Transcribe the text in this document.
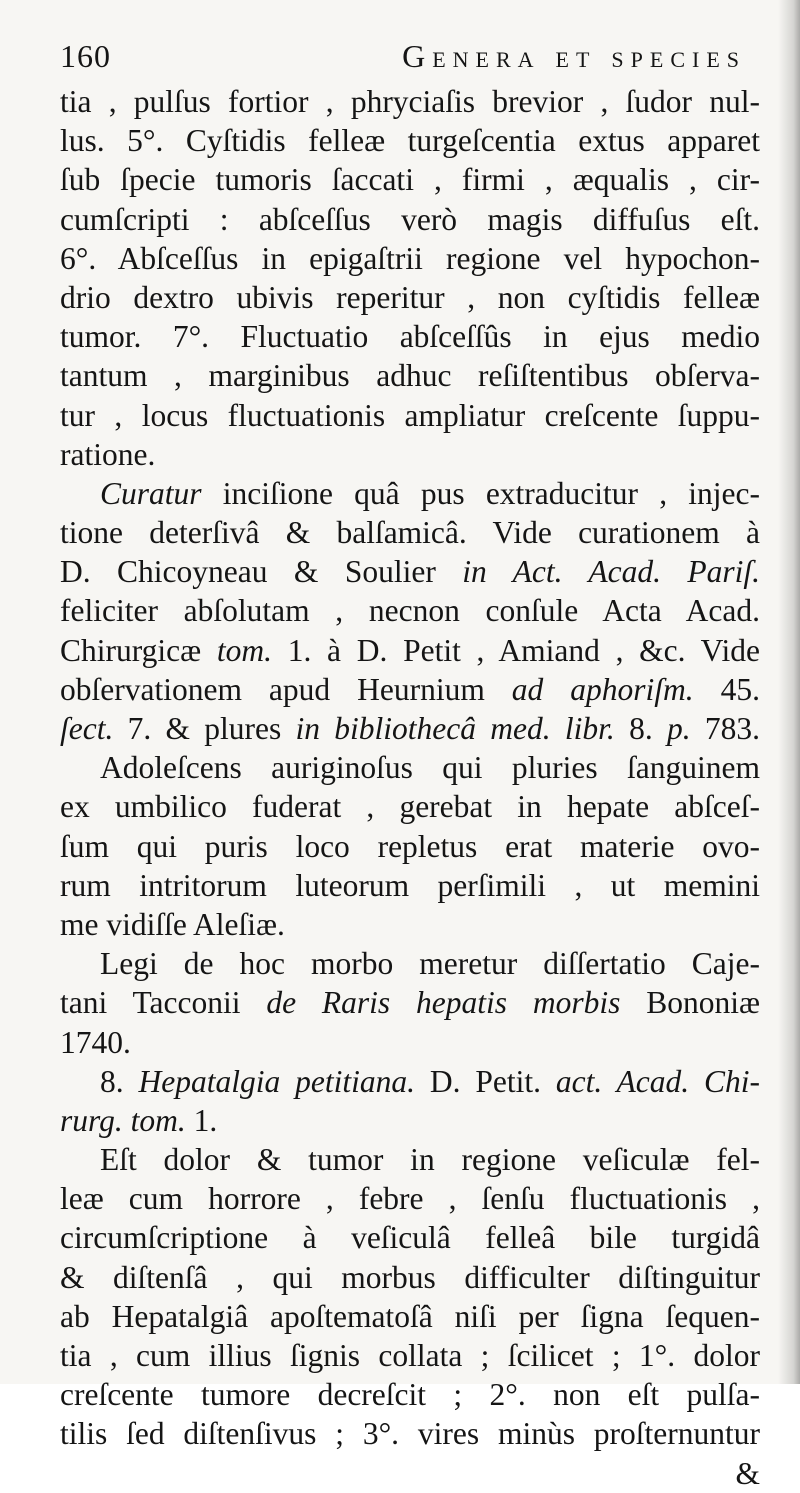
160	Genera et species
tia , pulſus fortior , phryciaſis brevior , ſudor nul-
lus. 5°. Cyſtidis felleæ turgeſcentia extus apparet
ſub ſpecie tumoris ſaccati , firmi , æqualis , cir-
cumſcripti : abſceſſus verò magis diffuſus eſt.
6°. Abſceſſus in epigaſtrii regione vel hypochon-
drio dextro ubivis reperitur , non cyſtidis felleæ
tumor. 7°. Fluctuatio abſceſſûs in ejus medio
tantum , marginibus adhuc reſiſtentibus obſerva-
tur , locus fluctuationis ampliatur creſcente ſuppu-
ratione.
Curatur inciſione quâ pus extraducitur , injec-
tione deterſivâ & balſamicâ. Vide curationem à
D. Chicoyneau & Soulier in Act. Acad. Pariſ.
feliciter abſolutam , necnon conſule Acta Acad.
Chirurgicæ tom. 1. à D. Petit , Amiand , &c. Vide
obſervationem apud Heurnium ad aphoriſm. 45.
ſect. 7. & plures in bibliothecâ med. libr. 8. p. 783.
Adoleſcens auriginoſus qui pluries ſanguinem
ex umbilico fuderat , gerebat in hepate abſceſ-
ſum qui puris loco repletus erat materie ovo-
rum intritorum luteorum perſimili , ut memini
me vidiſſe Aleſiæ.
Legi de hoc morbo meretur diſſertatio Caje-
tani Tacconii de Raris hepatis morbis Bononiæ
1740.
8. Hepatalgia petitiana. D. Petit. act. Acad. Chi-
rurg. tom. 1.
Eſt dolor & tumor in regione veſiculæ fel-
leæ cum horrore , febre , ſenſu fluctuationis ,
circumſcriptione à veſiculâ felleâ bile turgidâ
& diſtenſâ , qui morbus difficulter diſtinguitur
ab Hepatalgiâ apoſtematoſâ niſi per ſigna ſequen-
tia , cum illius ſignis collata ; ſcilicet ; 1°. dolor
creſcente tumore decreſcit ; 2°. non eſt pulſa-
tilis ſed diſtenſivus ; 3°. vires minùs proſternuntur
&
